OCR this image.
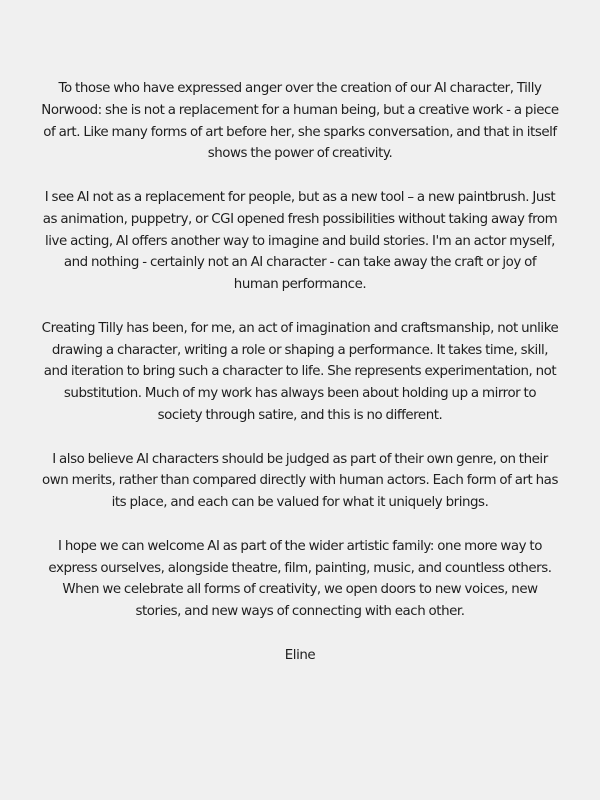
To those who have expressed anger over the creation of our AI character, Tilly Norwood: she is not a replacement for a human being, but a creative work - a piece of art. Like many forms of art before her, she sparks conversation, and that in itself shows the power of creativity.

I see AI not as a replacement for people, but as a new tool – a new paintbrush. Just as animation, puppetry, or CGI opened fresh possibilities without taking away from live acting, AI offers another way to imagine and build stories. I'm an actor myself, and nothing - certainly not an AI character - can take away the craft or joy of human performance.

Creating Tilly has been, for me, an act of imagination and craftsmanship, not unlike drawing a character, writing a role or shaping a performance. It takes time, skill, and iteration to bring such a character to life. She represents experimentation, not substitution. Much of my work has always been about holding up a mirror to society through satire, and this is no different.

I also believe AI characters should be judged as part of their own genre, on their own merits, rather than compared directly with human actors. Each form of art has its place, and each can be valued for what it uniquely brings.

I hope we can welcome AI as part of the wider artistic family: one more way to express ourselves, alongside theatre, film, painting, music, and countless others. When we celebrate all forms of creativity, we open doors to new voices, new stories, and new ways of connecting with each other.

Eline
